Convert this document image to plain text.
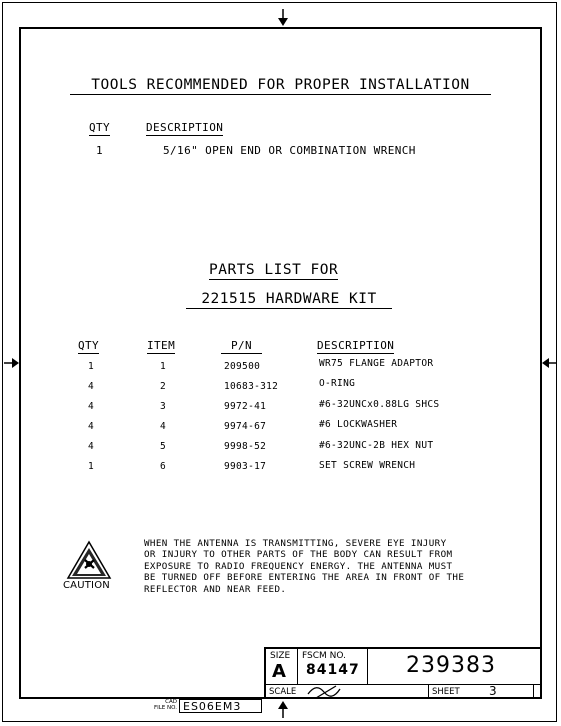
TOOLS RECOMMENDED FOR PROPER INSTALLATION
QTY	DESCRIPTION
1	5/16" OPEN END OR COMBINATION WRENCH
PARTS LIST FOR
221515 HARDWARE KIT
QTY	ITEM	P/N	DESCRIPTION
1	1	209500	WR75 FLANGE ADAPTOR
4	2	10683-312	O-RING
4	3	9972-41	#6-32UNCx0.88LG SHCS
4	4	9974-67	#6 LOCKWASHER
4	5	9998-52	#6-32UNC-2B HEX NUT
1	6	9903-17	SET SCREW WRENCH
CAUTION
WHEN THE ANTENNA IS TRANSMITTING, SEVERE EYE INJURY
OR INJURY TO OTHER PARTS OF THE BODY CAN RESULT FROM
EXPOSURE TO RADIO FREQUENCY ENERGY. THE ANTENNA MUST
BE TURNED OFF BEFORE ENTERING THE AREA IN FRONT OF THE
REFLECTOR AND NEAR FEED.
SIZE
A
FSCM NO.
84147 239383
SCALE	SHEET 3
CAD
FILE NO. ES06EM3
